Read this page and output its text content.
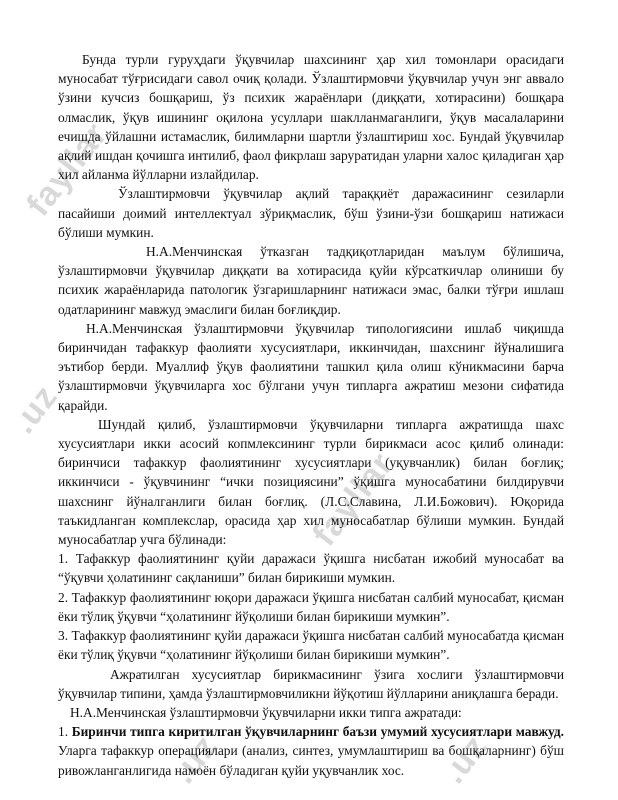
fayllar
.uz
.uz
fayllar
.uz

Бунда турли гуруҳдаги ўқувчилар шахсининг ҳар хил томонлари орасидаги муносабат тўғрисидаги савол очиқ қолади. Ўзлаштирмовчи ўқувчилар учун энг аввало ўзини кучсиз бошқариш, ўз психик жараёнлари (диққати, хотирасини) бошқара олмаслик, ўқув ишининг оқилона усуллари шаклланмаганлиги, ўқув масалаларини ечишда ўйлашни истамаслик, билимларни шартли ўзлаштириш хос. Бундай ўқувчилар ақлий ишдан қочишга интилиб, фаол фикрлаш заруратидан уларни халос қиладиган ҳар хил айланма йўлларни излайдилар.

Ўзлаштирмовчи ўқувчилар ақлий тараққиёт даражасининг сезиларли пасайиши доимий интеллектуал зўриқмаслик, бўш ўзини-ўзи бошқариш натижаси бўлиши мумкин.

Н.А.Менчинская ўтказган тадқиқотларидан маълум бўлишича, ўзлаштирмовчи ўқувчилар диққати ва хотирасида қуйи кўрсаткичлар олиниши бу психик жараёнларида патологик ўзгаришларнинг натижаси эмас, балки тўғри ишлаш одатларининг мавжуд эмаслиги билан боғлиқдир.

Н.А.Менчинская ўзлаштирмовчи ўқувчилар типологиясини ишлаб чиқишда биринчидан тафаккур фаолияти хусусиятлари, иккинчидан, шахснинг йўналишига эътибор берди. Муаллиф ўқув фаолиятини ташкил қила олиш кўникмасини барча ўзлаштирмовчи ўқувчиларга хос бўлгани учун типларга ажратиш мезони сифатида қарайди.

Шундай қилиб, ўзлаштирмовчи ўқувчиларни типларга ажратишда шахс хусусиятлари икки асосий копмлексининг турли бирикмаси асос қилиб олинади: биринчиси тафаккур фаолиятининг хусусиятлари (уқувчанлик) билан боғлиқ; иккинчиси - ўқувчининг “ички позициясини” ўқишга муносабатини билдирувчи шахснинг йўналганлиги билан боғлиқ. (Л.С.Славина, Л.И.Божович). Юқорида таъкидланган комплекслар, орасида ҳар хил муносабатлар бўлиши мумкин. Бундай муносабатлар учга бўлинади:

1. Тафаккур фаолиятининг қуйи даражаси ўқишга нисбатан ижобий муносабат ва “ўқувчи ҳолатининг сақланиши” билан бирикиши мумкин.

2. Тафаккур фаолиятининг юқори даражаси ўқишга нисбатан салбий муносабат, қисман ёки тўлиқ ўқувчи “ҳолатининг йўқолиши билан бирикиши мумкин”.

3. Тафаккур фаолиятининг қуйи даражаси ўқишга нисбатан салбий муносабатда қисман ёки тўлиқ ўқувчи “ҳолатининг йўқолиши билан бирикиши мумкин”.

Ажратилган хусусиятлар бирикмасининг ўзига хослиги ўзлаштирмовчи ўқувчилар типини, ҳамда ўзлаштирмовчиликни йўқотиш йўлларини аниқлашга беради.

Н.А.Менчинская ўзлаштирмовчи ўқувчиларни икки типга ажратади:

1. Биринчи типга киритилган ўқувчиларнинг баъзи умумий хусусиятлари мавжуд. Уларга тафаккур операциялари (анализ, синтез, умумлаштириш ва бошқаларнинг) бўш ривожланганлигида намоён бўладиган қуйи уқувчанлик хос.
